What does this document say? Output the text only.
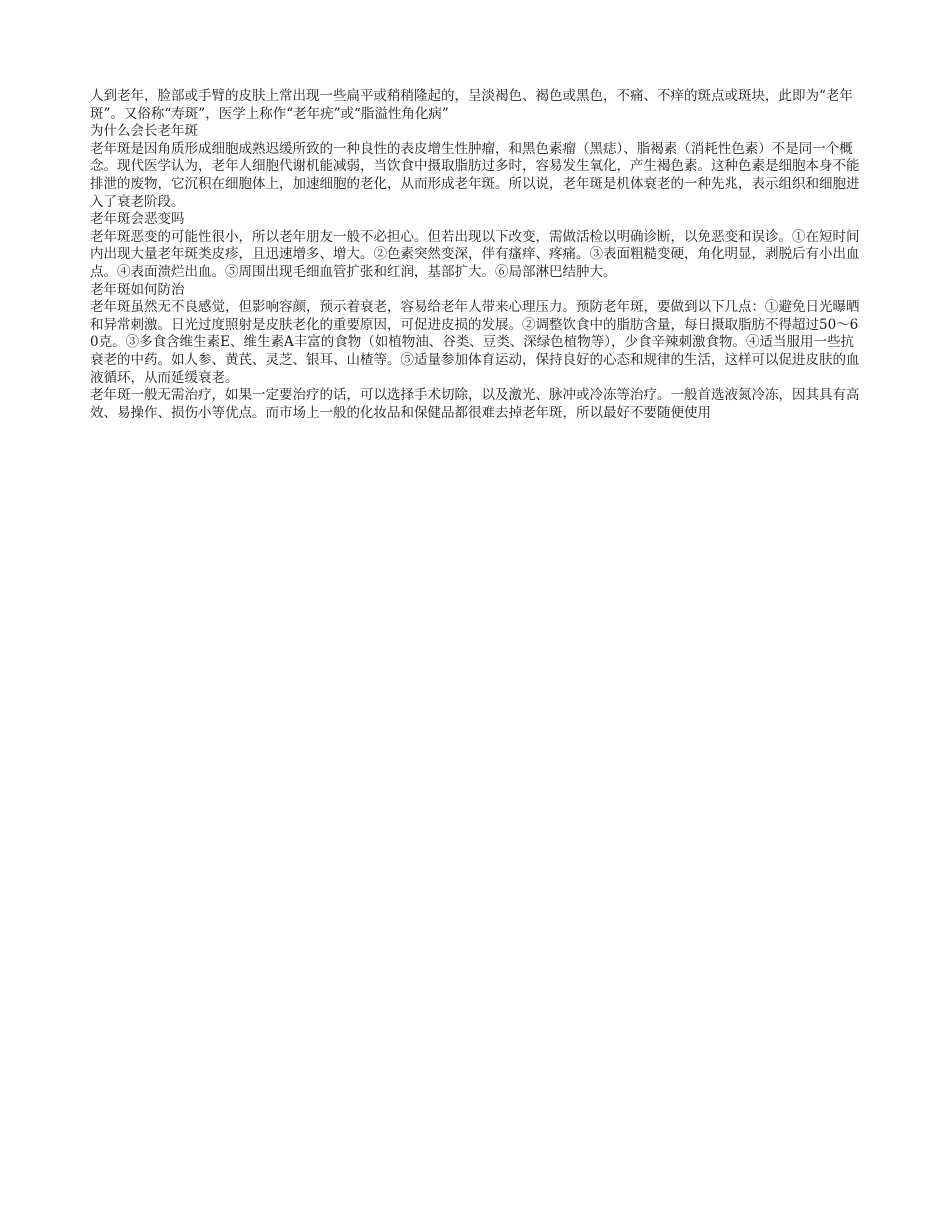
人到老年，脸部或手臂的皮肤上常出现一些扁平或稍稍隆起的，呈淡褐色、褐色或黑色，不痛、不痒的斑点或斑块，此即为“老年斑”。又俗称“寿斑”，医学上称作“老年疣”或“脂溢性角化病”

为什么会长老年斑

老年斑是因角质形成细胞成熟迟缓所致的一种良性的表皮增生性肿瘤，和黑色素瘤（黑痣）、脂褐素（消耗性色素）不是同一个概念。现代医学认为，老年人细胞代谢机能减弱，当饮食中摄取脂肪过多时，容易发生氧化，产生褐色素。这种色素是细胞本身不能排泄的废物，它沉积在细胞体上，加速细胞的老化，从而形成老年斑。所以说，老年斑是机体衰老的一种先兆，表示组织和细胞进入了衰老阶段。

老年斑会恶变吗

老年斑恶变的可能性很小，所以老年朋友一般不必担心。但若出现以下改变，需做活检以明确诊断，以免恶变和误诊。①在短时间内出现大量老年斑类皮疹，且迅速增多、增大。②色素突然变深，伴有瘙痒、疼痛。③表面粗糙变硬，角化明显，剥脱后有小出血点。④表面溃烂出血。⑤周围出现毛细血管扩张和红润，基部扩大。⑥局部淋巴结肿大。

老年斑如何防治

老年斑虽然无不良感觉，但影响容颜，预示着衰老，容易给老年人带来心理压力。预防老年斑，要做到以下几点：①避免日光曝晒和异常刺激。日光过度照射是皮肤老化的重要原因，可促进皮损的发展。②调整饮食中的脂肪含量，每日摄取脂肪不得超过50～60克。③多食含维生素E、维生素A丰富的食物（如植物油、谷类、豆类、深绿色植物等），少食辛辣刺激食物。④适当服用一些抗衰老的中药。如人参、黄芪、灵芝、银耳、山楂等。⑤适量参加体育运动，保持良好的心态和规律的生活，这样可以促进皮肤的血液循环，从而延缓衰老。

老年斑一般无需治疗，如果一定要治疗的话，可以选择手术切除，以及激光、脉冲或冷冻等治疗。一般首选液氮冷冻，因其具有高效、易操作、损伤小等优点。而市场上一般的化妆品和保健品都很难去掉老年斑，所以最好不要随便使用
